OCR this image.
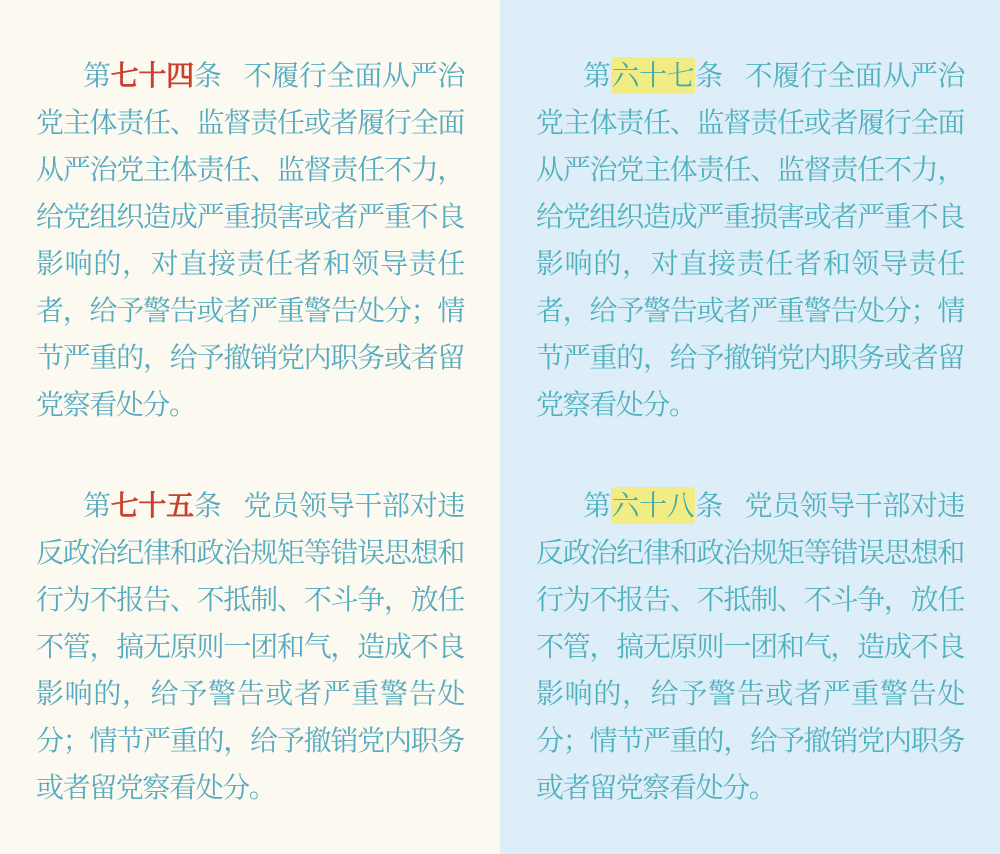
第七十四条 不履行全面从严治党主体责任、监督责任或者履行全面从严治党主体责任、监督责任不力，给党组织造成严重损害或者严重不良影响的，对直接责任者和领导责任者，给予警告或者严重警告处分；情节严重的，给予撤销党内职务或者留党察看处分。

第七十五条 党员领导干部对违反政治纪律和政治规矩等错误思想和行为不报告、不抵制、不斗争，放任不管，搞无原则一团和气，造成不良影响的，给予警告或者严重警告处分；情节严重的，给予撤销党内职务或者留党察看处分。

第六十七条 不履行全面从严治党主体责任、监督责任或者履行全面从严治党主体责任、监督责任不力，给党组织造成严重损害或者严重不良影响的，对直接责任者和领导责任者，给予警告或者严重警告处分；情节严重的，给予撤销党内职务或者留党察看处分。

第六十八条 党员领导干部对违反政治纪律和政治规矩等错误思想和行为不报告、不抵制、不斗争，放任不管，搞无原则一团和气，造成不良影响的，给予警告或者严重警告处分；情节严重的，给予撤销党内职务或者留党察看处分。
